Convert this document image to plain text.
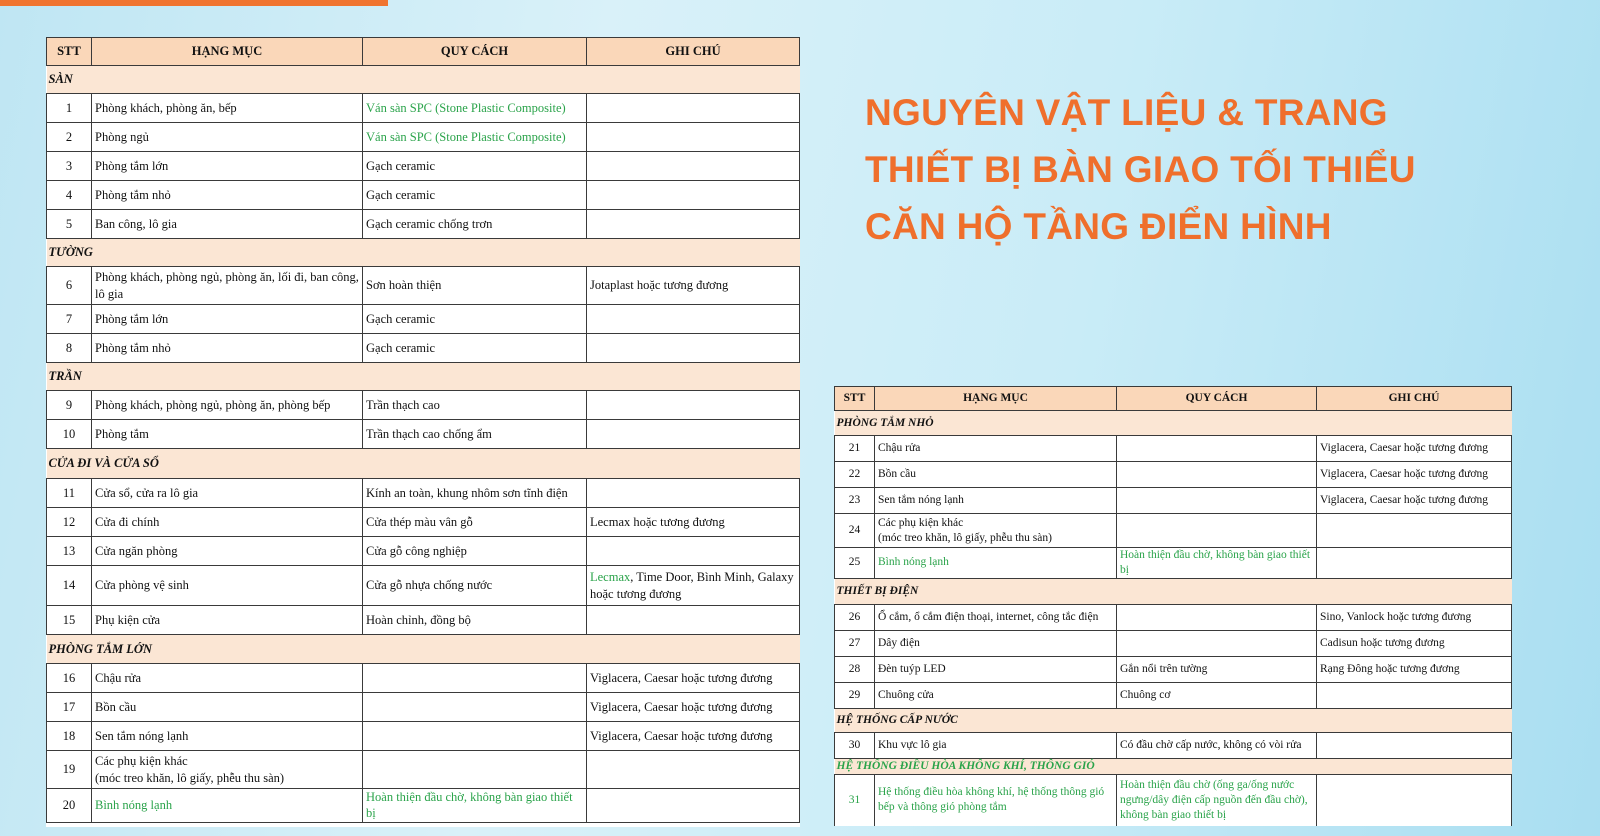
NGUYÊN VẬT LIỆU & TRANG
THIẾT BỊ BÀN GIAO TỐI THIỂU
CĂN HỘ TẦNG ĐIỂN HÌNH
STT	HẠNG MỤC	QUY CÁCH	GHI CHÚ
SÀN			
1	Phòng khách, phòng ăn, bếp	Ván sàn SPC (Stone Plastic Composite)	
2	Phòng ngủ	Ván sàn SPC (Stone Plastic Composite)	
3	Phòng tắm lớn	Gạch ceramic	
4	Phòng tắm nhỏ	Gạch ceramic	
5	Ban công, lô gia	Gạch ceramic chống trơn	
TƯỜNG			
6	Phòng khách, phòng ngủ, phòng ăn, lối đi, ban công, lô gia	Sơn hoàn thiện	Jotaplast hoặc tương đương
7	Phòng tắm lớn	Gạch ceramic	
8	Phòng tắm nhỏ	Gạch ceramic	
TRẦN			
9	Phòng khách, phòng ngủ, phòng ăn, phòng bếp	Trần thạch cao	
10	Phòng tắm	Trần thạch cao chống ẩm	
CỬA ĐI VÀ CỬA SỔ			
11	Cửa sổ, cửa ra lô gia	Kính an toàn, khung nhôm sơn tĩnh điện	
12	Cửa đi chính	Cửa thép màu vân gỗ	Lecmax hoặc tương đương
13	Cửa ngăn phòng	Cửa gỗ công nghiệp	
14	Cửa phòng vệ sinh	Cửa gỗ nhựa chống nước	Lecmax, Time Door, Bình Minh, Galaxy hoặc tương đương
15	Phụ kiện cửa	Hoàn chỉnh, đồng bộ	
PHÒNG TẮM LỚN			
16	Chậu rửa		Viglacera, Caesar hoặc tương đương
17	Bồn cầu		Viglacera, Caesar hoặc tương đương
18	Sen tắm nóng lạnh		Viglacera, Caesar hoặc tương đương
19	Các phụ kiện khác
(móc treo khăn, lô giấy, phễu thu sàn)		

20	Bình nóng lạnh	Hoàn thiện đầu chờ, không bàn giao thiết bị	
STT	HẠNG MỤC	QUY CÁCH	GHI CHÚ
PHÒNG TẮM NHỎ			
21	Chậu rửa		Viglacera, Caesar hoặc tương đương
22	Bồn cầu		Viglacera, Caesar hoặc tương đương
23	Sen tắm nóng lạnh		Viglacera, Caesar hoặc tương đương
24	Các phụ kiện khác
(móc treo khăn, lô giấy, phễu thu sàn)		

25	Bình nóng lạnh	Hoàn thiện đầu chờ, không bàn giao thiết bị	
THIẾT BỊ ĐIỆN			
26	Ổ cắm, ổ cắm điện thoại, internet, công tắc điện		Sino, Vanlock hoặc tương đương
27	Dây điện		Cadisun hoặc tương đương
28	Đèn tuýp LED	Gắn nổi trên tường	Rạng Đông hoặc tương đương
29	Chuông cửa	Chuông cơ	
HỆ THỐNG CẤP NƯỚC			
30	Khu vực lô gia	Có đầu chờ cấp nước, không có vòi rửa	
HỆ THỐNG ĐIỀU HÒA KHÔNG KHÍ, THÔNG GIÓ			
31	Hệ thống điều hòa không khí, hệ thống thông gió bếp và thông gió phòng tắm	Hoàn thiện đầu chờ (ống ga/ống nước ngưng/dây điện cấp nguồn đến đầu chờ), không bàn giao thiết bị	
